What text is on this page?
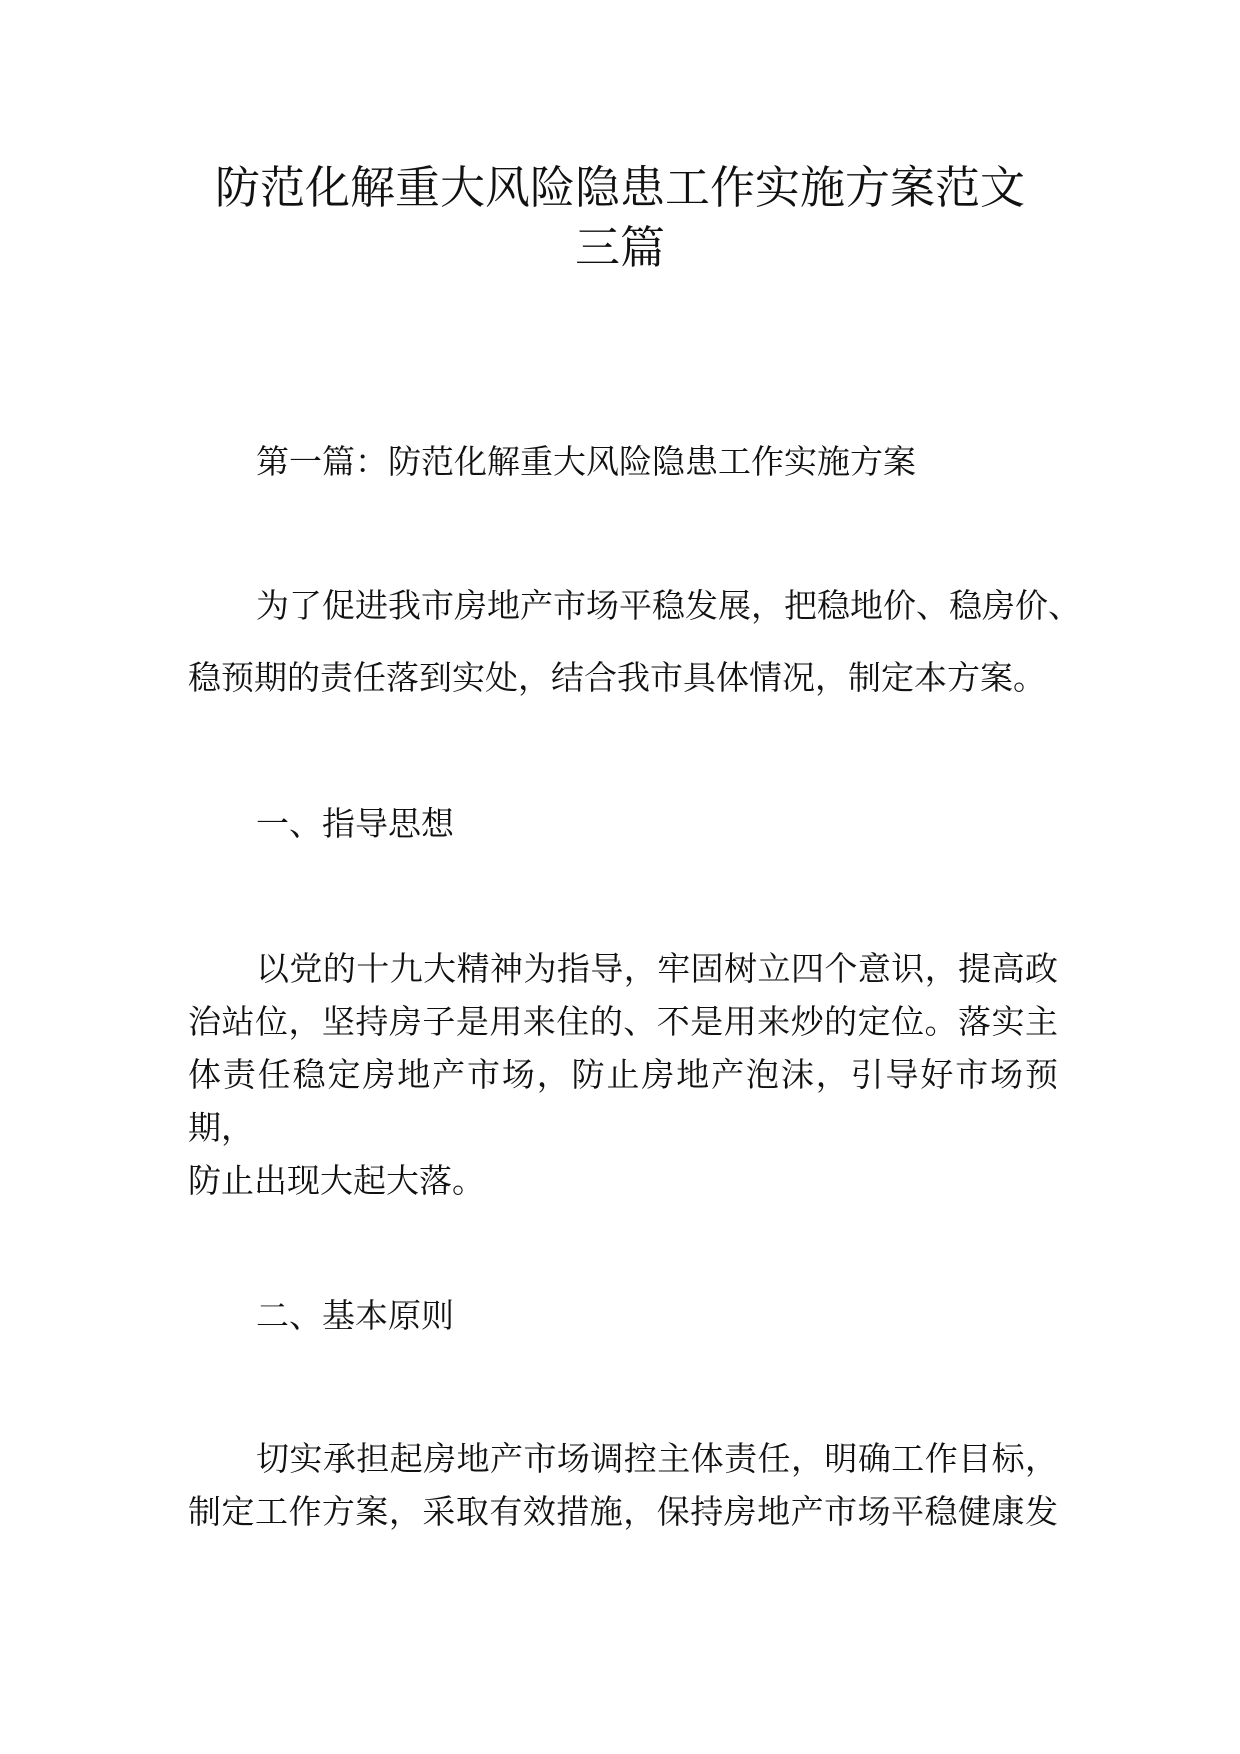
防范化解重大风险隐患工作实施方案范文
三篇

第一篇：防范化解重大风险隐患工作实施方案

为了促进我市房地产市场平稳发展，把稳地价、稳房价、

稳预期的责任落到实处，结合我市具体情况，制定本方案。

一、指导思想

以党的十九大精神为指导，牢固树立四个意识，提高政
治站位，坚持房子是用来住的、不是用来炒的定位。落实主
体责任稳定房地产市场，防止房地产泡沫，引导好市场预
期，
防止出现大起大落。

二、基本原则

切实承担起房地产市场调控主体责任，明确工作目标，
制定工作方案，采取有效措施，保持房地产市场平稳健康发
